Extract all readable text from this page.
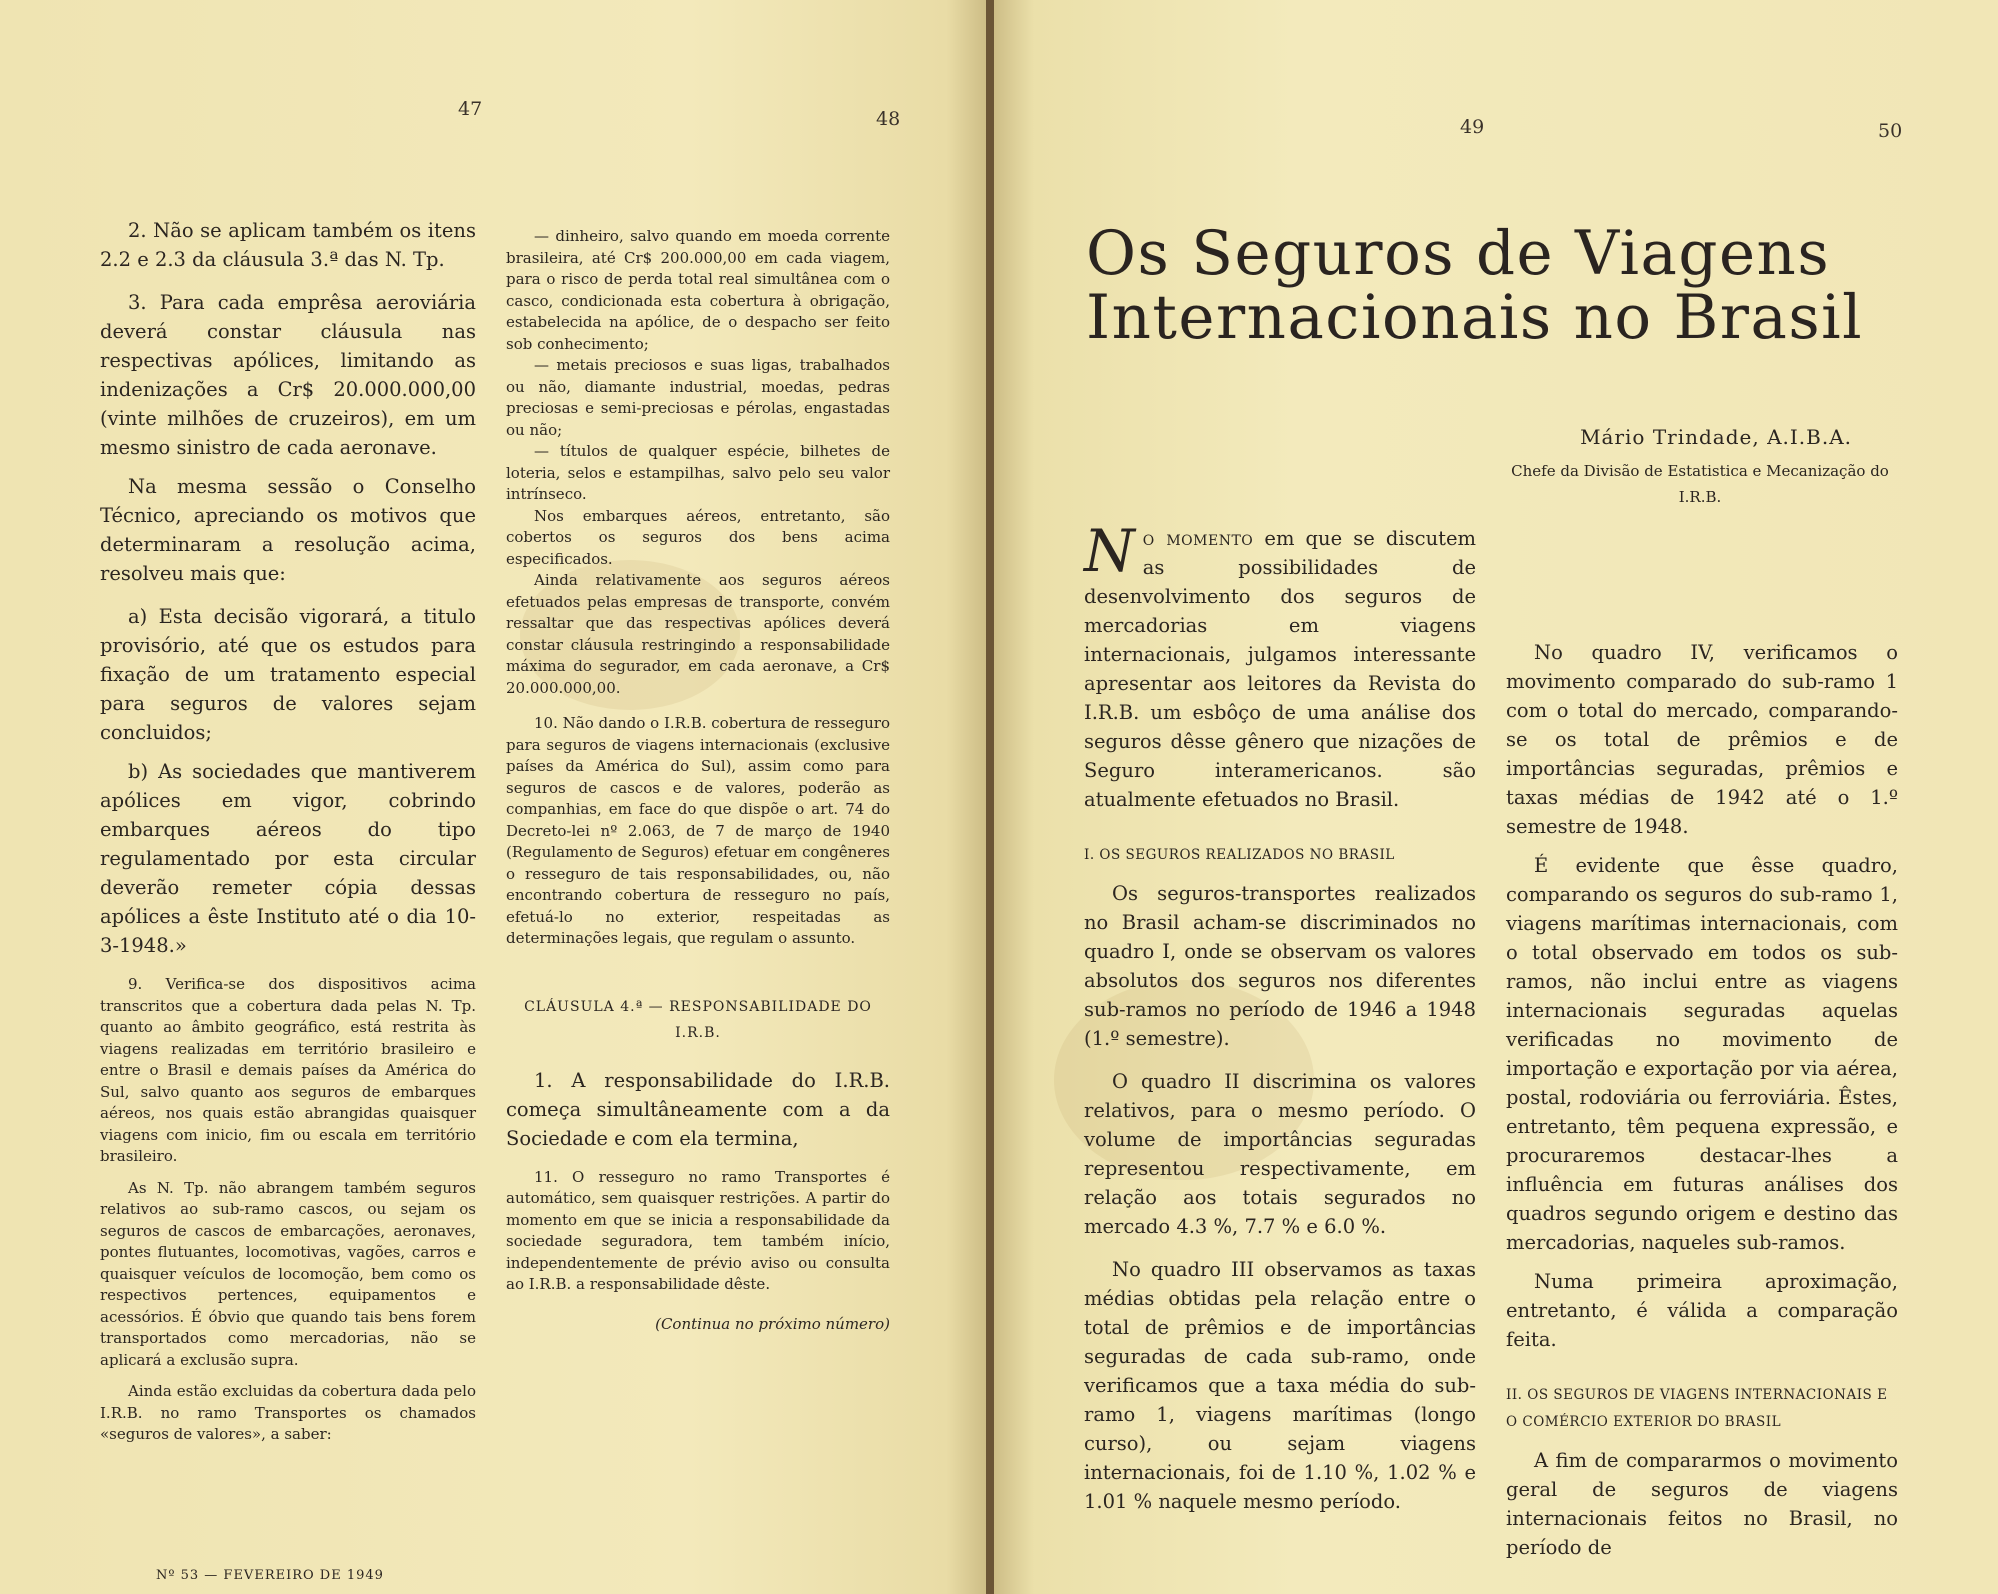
47	48

2. Não se aplicam também os itens 2.2 e 2.3 da cláusula 3.ª das N. Tp.

3. Para cada emprêsa aeroviária deverá constar cláusula nas respectivas apólices, limitando as indenizações a Cr$ 20.000.000,00 (vinte milhões de cruzeiros), em um mesmo sinistro de cada aeronave.

Na mesma sessão o Conselho Técnico, apreciando os motivos que determinaram a resolução acima, resolveu mais que:

a) Esta decisão vigorará, a titulo provisório, até que os estudos para fixação de um tratamento especial para seguros de valores sejam concluidos;

b) As sociedades que mantiverem apólices em vigor, cobrindo embarques aéreos do tipo regulamentado por esta circular deverão remeter cópia dessas apólices a êste Instituto até o dia 10-3-1948.»

9. Verifica-se dos dispositivos acima transcritos que a cobertura dada pelas N. Tp. quanto ao âmbito geográfico, está restrita às viagens realizadas em território brasileiro e entre o Brasil e demais países da América do Sul, salvo quanto aos seguros de embarques aéreos, nos quais estão abrangidas quaisquer viagens com inicio, fim ou escala em território brasileiro.

As N. Tp. não abrangem também seguros relativos ao sub-ramo cascos, ou sejam os seguros de cascos de embarcações, aeronaves, pontes flutuantes, locomotivas, vagões, carros e quaisquer veículos de locomoção, bem como os respectivos pertences, equipamentos e acessórios. É óbvio que quando tais bens forem transportados como mercadorias, não se aplicará a exclusão supra.

Ainda estão excluidas da cobertura dada pelo I.R.B. no ramo Transportes os chamados «seguros de valores», a saber:

— dinheiro, salvo quando em moeda corrente brasileira, até Cr$ 200.000,00 em cada viagem, para o risco de perda total real simultânea com o casco, condicionada esta cobertura à obrigação, estabelecida na apólice, de o despacho ser feito sob conhecimento;

— metais preciosos e suas ligas, trabalhados ou não, diamante industrial, moedas, pedras preciosas e semi-preciosas e pérolas, engastadas ou não;

— títulos de qualquer espécie, bilhetes de loteria, selos e estampilhas, salvo pelo seu valor intrínseco.

Nos embarques aéreos, entretanto, são cobertos os seguros dos bens acima especificados.

Ainda relativamente aos seguros aéreos efetuados pelas empresas de transporte, convém ressaltar que das respectivas apólices deverá constar cláusula restringindo a responsabilidade máxima do segurador, em cada aeronave, a Cr$ 20.000.000,00.

10. Não dando o I.R.B. cobertura de resseguro para seguros de viagens internacionais (exclusive países da América do Sul), assim como para seguros de cascos e de valores, poderão as companhias, em face do que dispõe o art. 74 do Decreto-lei nº 2.063, de 7 de março de 1940 (Regulamento de Seguros) efetuar em congêneres o resseguro de tais responsabilidades, ou, não encontrando cobertura de resseguro no país, efetuá-lo no exterior, respeitadas as determinações legais, que regulam o assunto.

CLÁUSULA 4.ª — RESPONSABILIDADE DO I.R.B.

1. A responsabilidade do I.R.B. começa simultâneamente com a da Sociedade e com ela termina,

11. O resseguro no ramo Transportes é automático, sem quaisquer restrições. A partir do momento em que se inicia a responsabilidade da sociedade seguradora, tem também início, independentemente de prévio aviso ou consulta ao I.R.B. a responsabilidade dêste.

(Continua no próximo número)

Nº 53 — FEVEREIRO DE 1949
49	50
Os Seguros de Viagens Internacionais no Brasil
Mário Trindade, A.I.B.A.
Chefe da Divisão de Estatistica e Mecanização do I.R.B.

No momento em que se discutem as possibilidades de desenvolvimento dos seguros de mercadorias em viagens internacionais, julgamos interessante apresentar aos leitores da Revista do I.R.B. um esbôço de uma análise dos seguros dêsse gênero que nizações de Seguro interamericanos. são atualmente efetuados no Brasil.

I. OS SEGUROS REALIZADOS NO BRASIL

Os seguros-transportes realizados no Brasil acham-se discriminados no quadro I, onde se observam os valores absolutos dos seguros nos diferentes sub-ramos no período de 1946 a 1948 (1.º semestre).

O quadro II discrimina os valores relativos, para o mesmo período. O volume de importâncias seguradas representou respectivamente, em relação aos totais segurados no mercado 4.3 %, 7.7 % e 6.0 %.

No quadro III observamos as taxas médias obtidas pela relação entre o total de prêmios e de importâncias seguradas de cada sub-ramo, onde verificamos que a taxa média do sub-ramo 1, viagens marítimas (longo curso), ou sejam viagens internacionais, foi de 1.10 %, 1.02 % e 1.01 % naquele mesmo período.

No quadro IV, verificamos o movimento comparado do sub-ramo 1 com o total do mercado, comparando-se os total de prêmios e de importâncias seguradas, prêmios e taxas médias de 1942 até o 1.º semestre de 1948.

É evidente que êsse quadro, comparando os seguros do sub-ramo 1, viagens marítimas internacionais, com o total observado em todos os sub-ramos, não inclui entre as viagens internacionais seguradas aquelas verificadas no movimento de importação e exportação por via aérea, postal, rodoviária ou ferroviária. Êstes, entretanto, têm pequena expressão, e procuraremos destacar-lhes a influência em futuras análises dos quadros segundo origem e destino das mercadorias, naqueles sub-ramos.

Numa primeira aproximação, entretanto, é válida a comparação feita.

II. OS SEGUROS DE VIAGENS INTERNACIONAIS E O COMÉRCIO EXTERIOR DO BRASIL

A fim de compararmos o movimento geral de seguros de viagens internacionais feitos no Brasil, no período de
